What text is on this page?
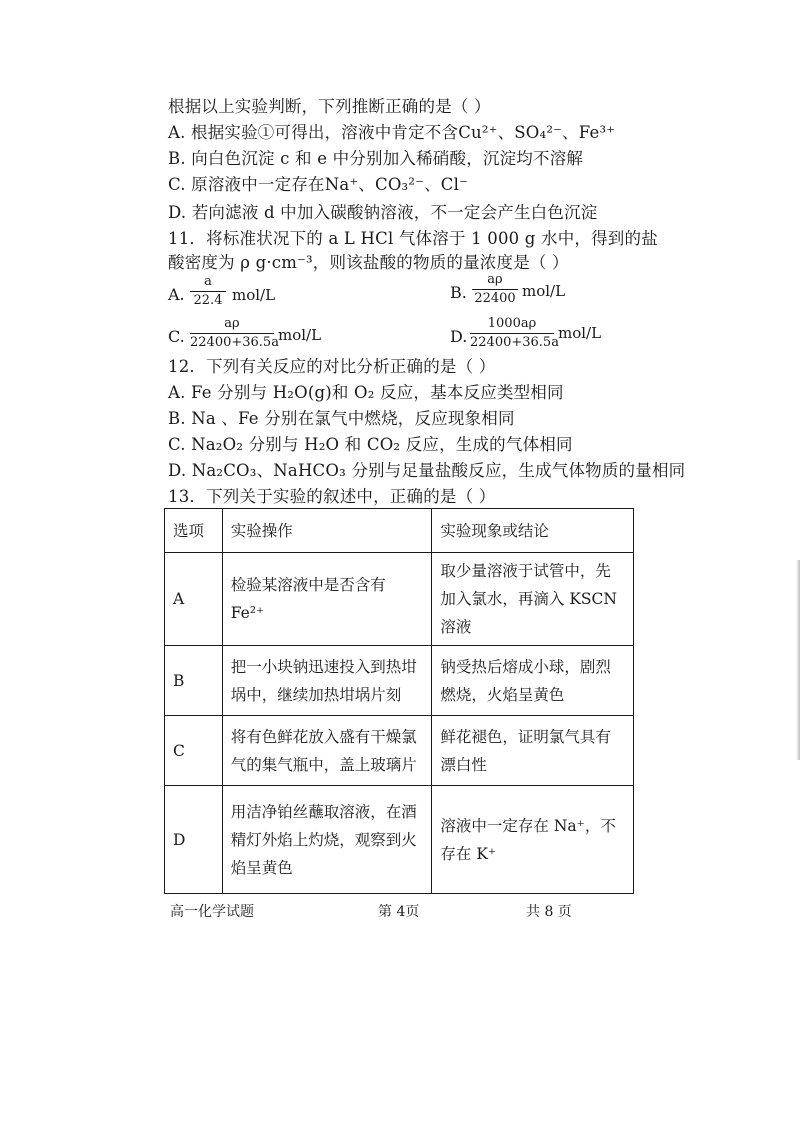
根据以上实验判断，下列推断正确的是（ ）
A. 根据实验①可得出，溶液中肯定不含Cu²⁺、SO₄²⁻、Fe³⁺
B. 向白色沉淀 c 和 e 中分别加入稀硝酸，沉淀均不溶解
C. 原溶液中一定存在Na⁺、CO₃²⁻、Cl⁻
D. 若向滤液 d 中加入碳酸钠溶液，不一定会产生白色沉淀
11．将标准状况下的 a L HCl 气体溶于 1 000 g 水中，得到的盐
酸密度为 ρ g·cm⁻³，则该盐酸的物质的量浓度是（ ）
A. $\frac{a}{22.4} mol/L$	B. $\frac{a\rho}{22400} mol/L$
C. $\frac{a\rho}{22400+36.5a} mol/L$	D. $\frac{1000a\rho}{22400+36.5a} mol/L$
12．下列有关反应的对比分析正确的是（ ）
A. Fe 分别与 H₂O(g)和 O₂ 反应，基本反应类型相同
B. Na 、Fe 分别在氯气中燃烧，反应现象相同
C. Na₂O₂ 分别与 H₂O 和 CO₂ 反应，生成的气体相同
D. Na₂CO₃、NaHCO₃ 分别与足量盐酸反应，生成气体物质的量相同
13．下列关于实验的叙述中，正确的是（ ）
选项	实验操作	实验现象或结论
A	检验某溶液中是否含有 Fe²⁺	取少量溶液于试管中，先加入氯水，再滴入 KSCN 溶液
B	把一小块钠迅速投入到热坩埚中，继续加热坩埚片刻	钠受热后熔成小球，剧烈燃烧，火焰呈黄色
C	将有色鲜花放入盛有干燥氯气的集气瓶中，盖上玻璃片	鲜花褪色，证明氯气具有漂白性
D	用洁净铂丝蘸取溶液，在酒精灯外焰上灼烧，观察到火焰呈黄色	溶液中一定存在 Na⁺，不存在 K⁺
高一化学试题	第 4页	共 8 页
